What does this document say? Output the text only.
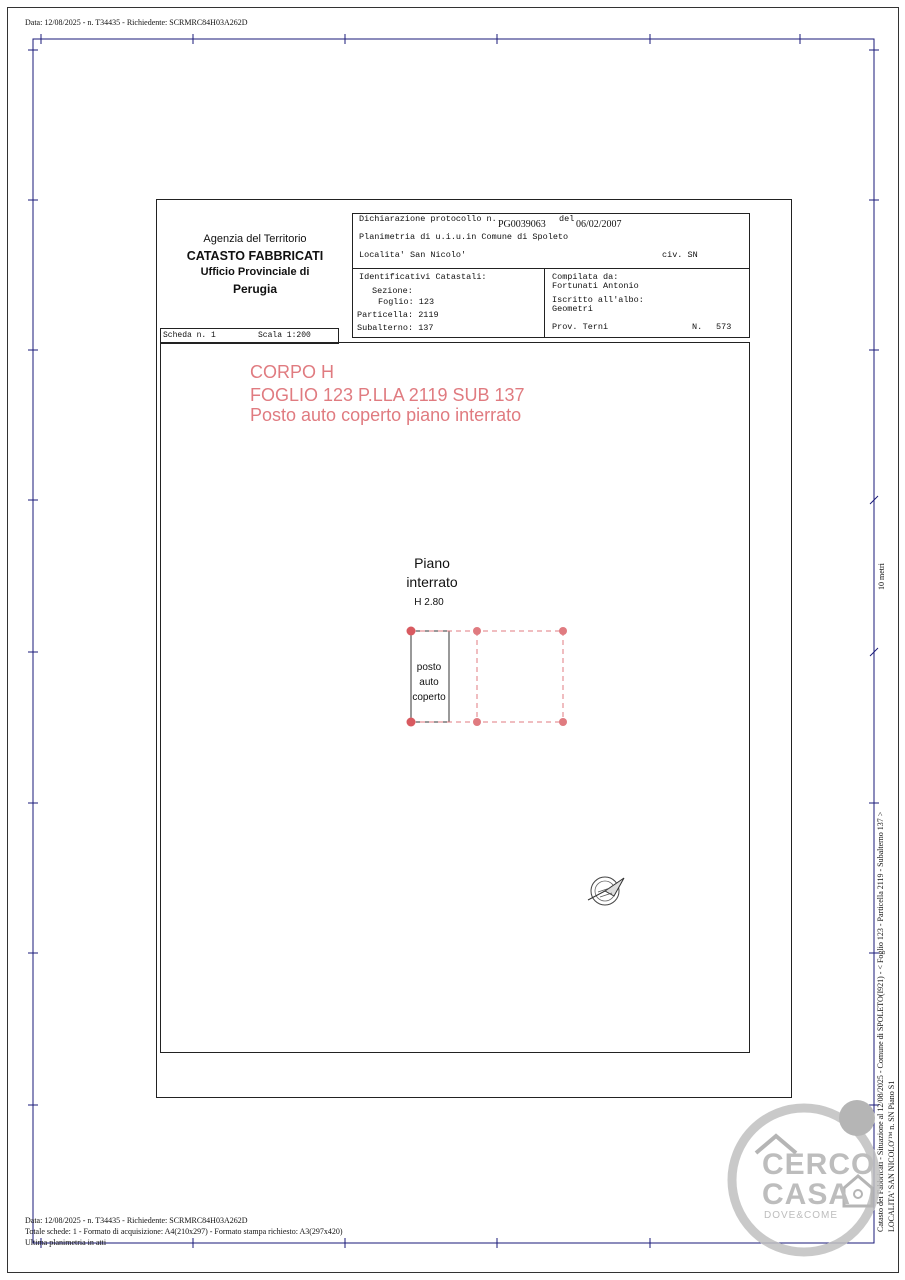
Data: 12/08/2025 - n. T34435 - Richiedente: SCRMRC84H03A262D
Data: 12/08/2025 - n. T34435 - Richiedente: SCRMRC84H03A262D
Totale schede: 1 - Formato di acquisizione: A4(210x297) - Formato stampa richiesto: A3(297x420)
Ultima planimetria in atti
Catasto dei Fabbricati - Situazione al 12/08/2025 - Comune di SPOLETO(I921) - < Foglio 123 - Particella 2119 - Subalterno 137 > LOCALITA' SAN NICOLO'™ n. SN Piano S1
10 metri
Agenzia del Territorio
CATASTO FABBRICATI
Ufficio Provinciale di
Perugia
Dichiarazione protocollo n. PG0039063 del 06/02/2007
Planimetria di u.i.u.in Comune di Spoleto
Localita' San Nicolo'	civ. SN
Identificativi Catastali:
Sezione:
Foglio: 123
Particella: 2119
Subalterno: 137
Compilata da:
Fortunati Antonio
Iscritto all'albo:
Geometri
Prov. Terni	N. 573
Scheda n. 1	Scala 1:200
CORPO H
FOGLIO 123 P.LLA 2119 SUB 137
Posto auto coperto piano interrato
Piano
interrato
H 2.80
posto
auto
coperto
CERCO
CASA
DOVE&COME
